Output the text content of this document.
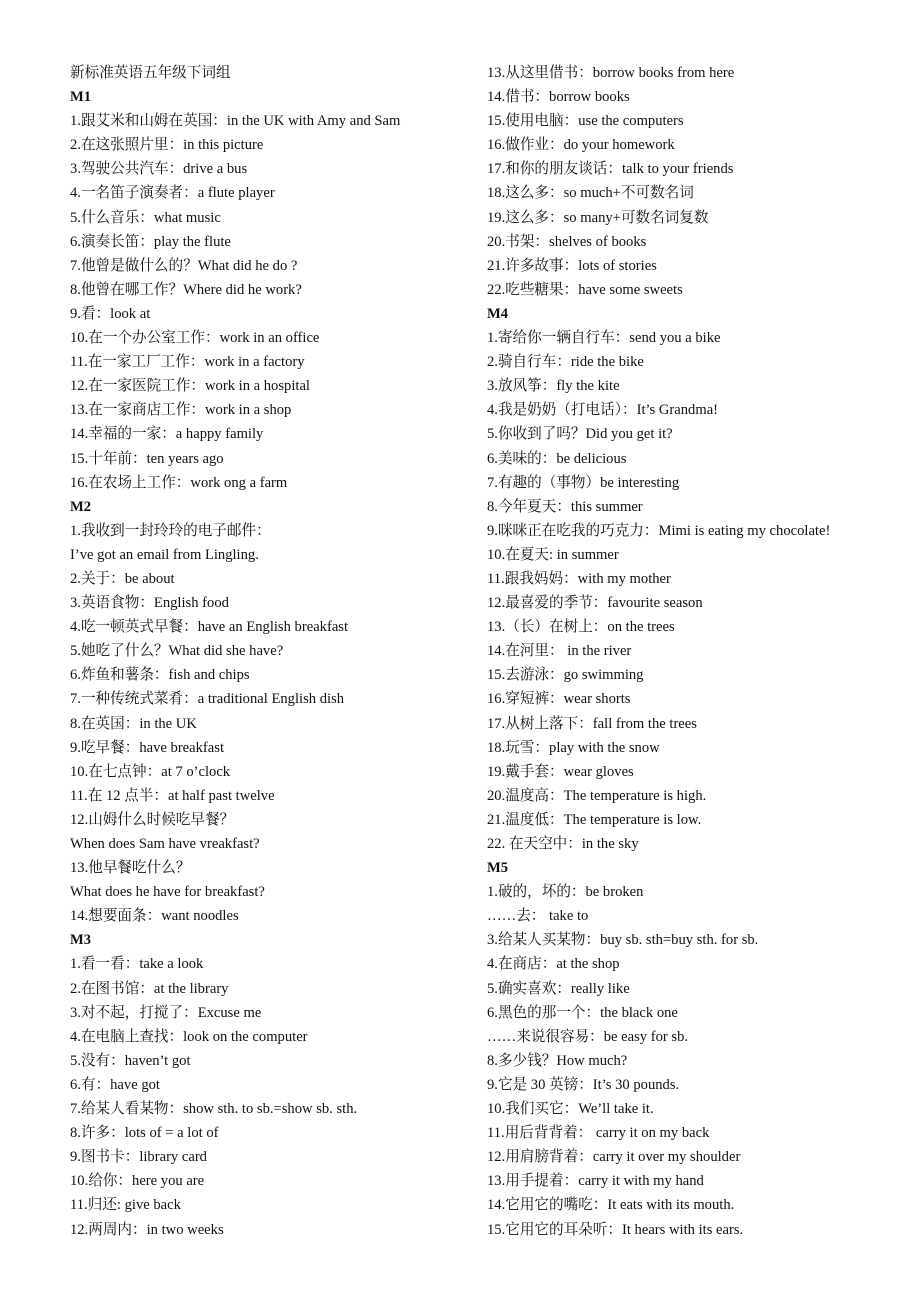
新标准英语五年级下词组
M1
1.跟艾米和山姆在英国：in the UK with Amy and Sam
2.在这张照片里：in this picture
3.驾驶公共汽车：drive a bus
4.一名笛子演奏者：a flute player
5.什么音乐：what music
6.演奏长笛：play the flute
7.他曾是做什么的？What did he do ?
8.他曾在哪工作？Where did he work?
9.看：look at
10.在一个办公室工作：work in an office
11.在一家工厂工作：work in a factory
12.在一家医院工作：work in a hospital
13.在一家商店工作：work in a shop
14.幸福的一家：a happy family
15.十年前：ten years ago
16.在农场上工作：work ong a farm
M2
1.我收到一封玲玲的电子邮件：
I’ve got an email from Lingling.
2.关于：be about
3.英语食物：English food
4.吃一顿英式早餐：have an English breakfast
5.她吃了什么？What did she have?
6.炸鱼和薯条：fish and chips
7.一种传统式菜肴：a traditional English dish
8.在英国：in the UK
9.吃早餐：have breakfast
10.在七点钟：at 7 o’clock
11.在 12 点半：at half past twelve
12.山姆什么时候吃早餐？
When does Sam have vreakfast?
13.他早餐吃什么？
What does he have for breakfast?
14.想要面条：want noodles
M3
1.看一看：take a look
2.在图书馆：at the library
3.对不起，打搅了：Excuse me
4.在电脑上查找：look on the computer
5.没有：haven’t got
6.有：have got
7.给某人看某物：show sth. to sb.=show sb. sth.
8.许多：lots of = a lot of
9.图书卡：library card
10.给你：here you are
11.归还: give back
12.两周内：in two weeks
13.从这里借书：borrow books from here
14.借书：borrow books
15.使用电脑：use the computers
16.做作业：do your homework
17.和你的朋友谈话：talk to your friends
18.这么多：so much+不可数名词
19.这么多：so many+可数名词复数
20.书架：shelves of books
21.许多故事：lots of stories
22.吃些糖果：have some sweets
M4
1.寄给你一辆自行车：send you a bike
2.骑自行车：ride the bike
3.放风筝：fly the kite
4.我是奶奶（打电话）：It’s Grandma!
5.你收到了吗？Did you get it?
6.美味的：be delicious
7.有趣的（事物）be interesting
8.今年夏天：this summer
9.咪咪正在吃我的巧克力：Mimi is eating my chocolate!
10.在夏天: in summer
11.跟我妈妈：with my mother
12.最喜爱的季节：favourite season
13.（长）在树上：on the trees
14.在河里： in the river
15.去游泳：go swimming
16.穿短裤：wear shorts
17.从树上落下：fall from the trees
18.玩雪：play with the snow
19.戴手套：wear gloves
20.温度高：The temperature is high.
21.温度低：The temperature is low.
22. 在天空中：in the sky
M5
1.破的，坏的：be broken
……去： take to
3.给某人买某物：buy sb. sth=buy sth. for sb.
4.在商店：at the shop
5.确实喜欢：really like
6.黑色的那一个：the black one
……来说很容易：be easy for sb.
8.多少钱？How much?
9.它是 30 英镑：It’s 30 pounds.
10.我们买它：We’ll take it.
11.用后背背着： carry it on my back
12.用肩膀背着：carry it over my shoulder
13.用手提着：carry it with my hand
14.它用它的嘴吃：It eats with its mouth.
15.它用它的耳朵听：It hears with its ears.
